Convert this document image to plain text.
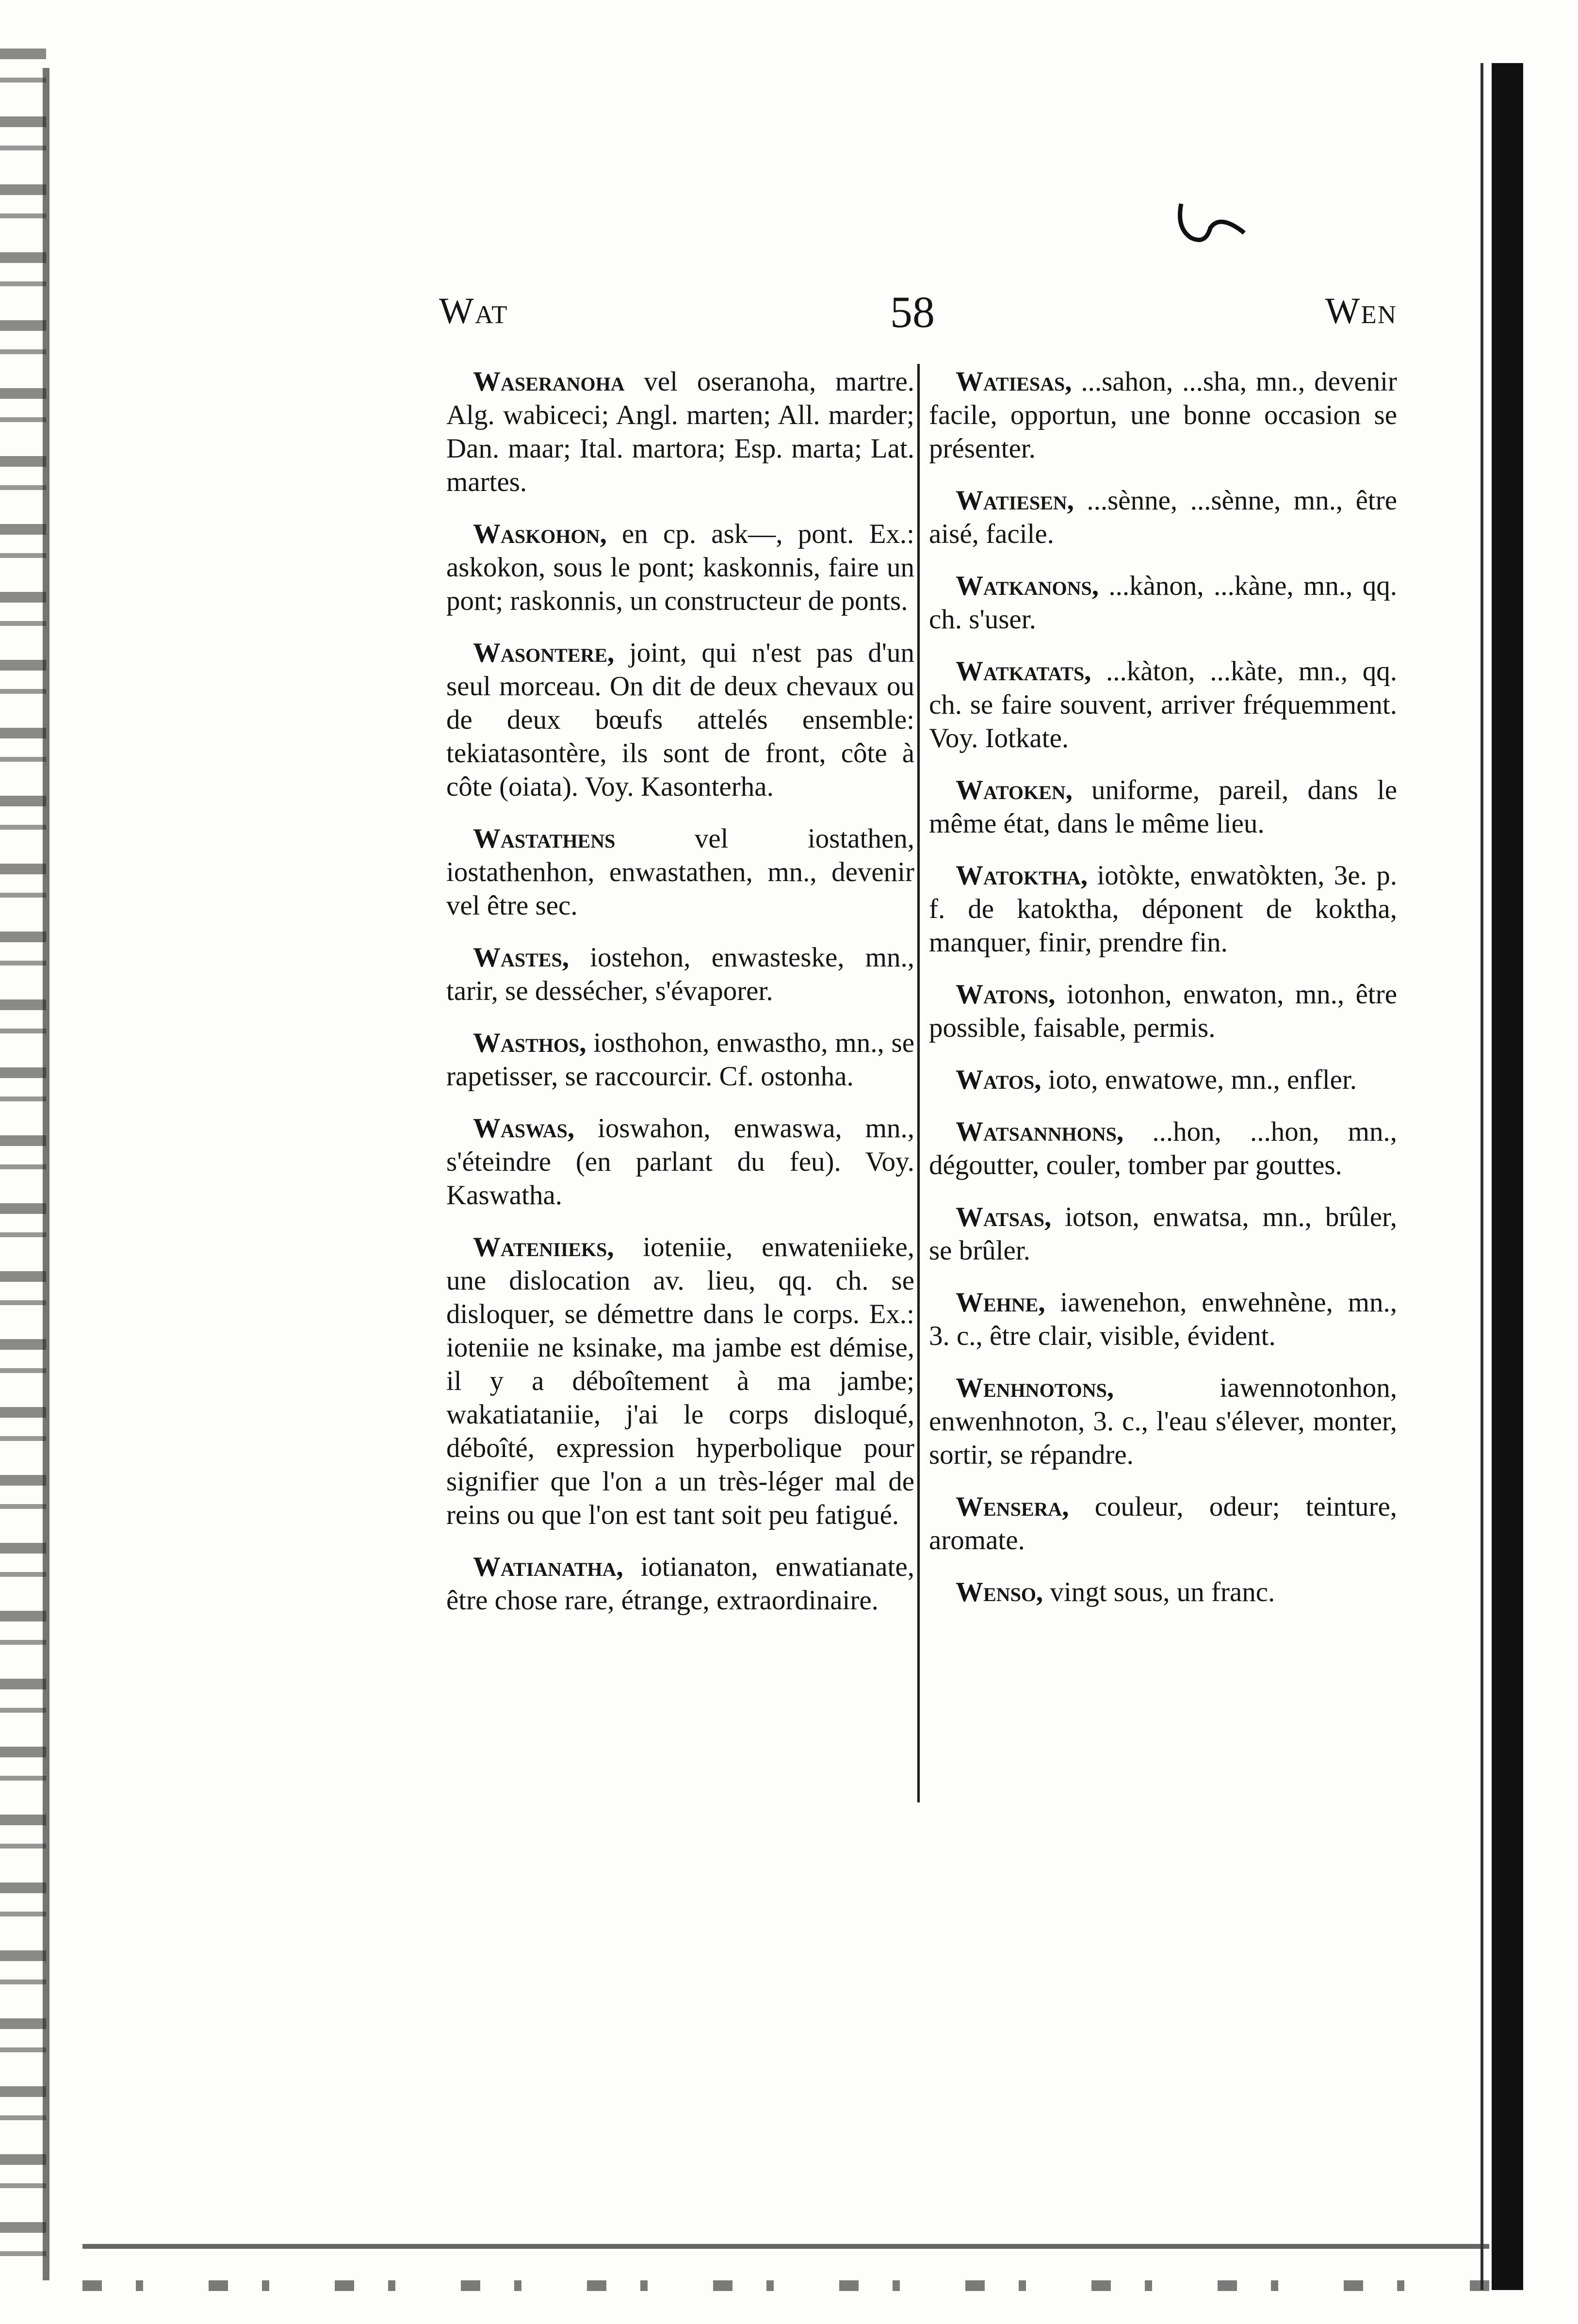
Wat	58	Wen

Waseranoha vel oseranoha, martre. Alg. wabiceci; Angl. marten; All. marder; Dan. maar; Ital. martora; Esp. marta; Lat. martes.

Waskohon, en cp. ask—, pont. Ex.: askokon, sous le pont; kaskonnis, faire un pont; raskonnis, un constructeur de ponts.

Wasontere, joint, qui n'est pas d'un seul morceau. On dit de deux chevaux ou de deux bœufs attelés ensemble: tekiatasontère, ils sont de front, côte à côte (oiata). Voy. Kasonterha.

Wastathens	vel iostathen, iostathenhon, enwastathen, mn., devenir vel être sec.

Wastes, iostehon, enwasteske, mn., tarir, se dessécher, s'évaporer.

Wasthos, iosthohon, enwastho, mn., se rapetisser, se raccourcir. Cf. ostonha.

Waswas, ioswahon, enwaswa, mn., s'éteindre (en parlant du feu). Voy. Kaswatha.

Wateniieks, ioteniie, enwateniieke, une dislocation av. lieu, qq. ch. se disloquer, se démettre dans le corps. Ex.: ioteniie ne ksinake, ma jambe est démise, il y a déboîtement à ma jambe; wakatiataniie, j'ai le corps disloqué, déboîté, expression hyperbolique pour signifier que l'on a un très-léger mal de reins ou que l'on est tant soit peu fatigué.

Watianatha, iotianaton, enwatianate, être chose rare, étrange, extraordinaire.

Watiesas, ...sahon, ...sha, mn., devenir facile, opportun, une bonne occasion se présenter.

Watiesen, ...sènne, ...sènne, mn., être aisé, facile.

Watkanons, ...kànon, ...kàne, mn., qq. ch. s'user.

Watkatats, ...kàton, ...kàte, mn., qq. ch. se faire souvent, arriver fréquemment. Voy. Iotkate.

Watoken, uniforme, pareil, dans le même état, dans le même lieu.

Watoktha, iotòkte, enwatòkten, 3e. p. f. de katoktha, déponent de koktha, manquer, finir, prendre fin.

Watons, iotonhon, enwaton, mn., être possible, faisable, permis.

Watos, ioto, enwatowe, mn., enfler.

Watsannhons, ...hon, ...hon, mn., dégoutter, couler, tomber par gouttes.

Watsas, iotson, enwatsa, mn., brûler, se brûler.

Wehne, iawenehon, enwehnène, mn., 3. c., être clair, visible, évident.

Wenhnotons,	iawennotonhon, enwenhnoton, 3. c., l'eau s'élever, monter, sortir, se répandre.

Wensera, couleur, odeur; teinture, aromate.

Wenso, vingt sous, un franc.
